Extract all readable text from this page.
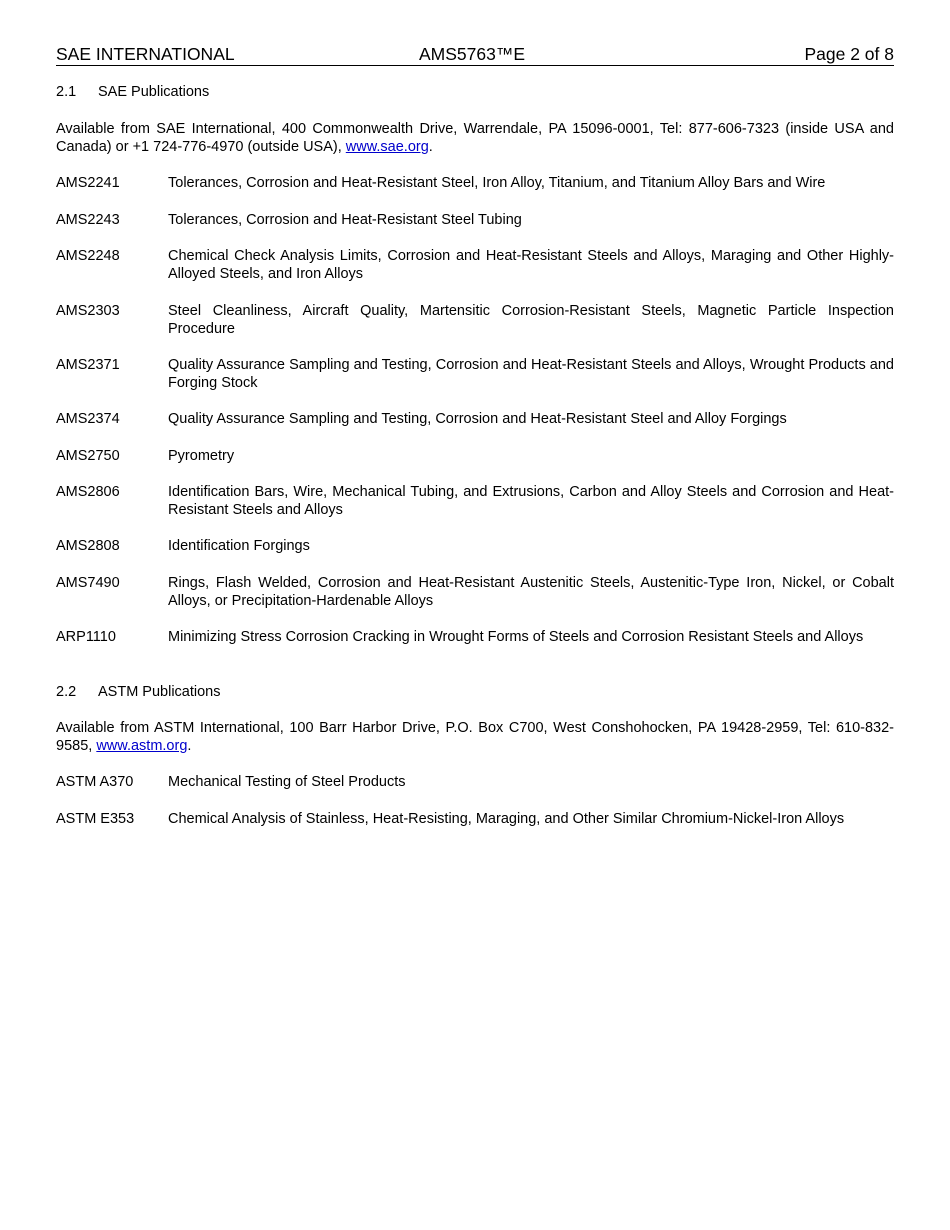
SAE INTERNATIONAL	AMS5763™E	Page 2 of 8
2.1 SAE Publications
Available from SAE International, 400 Commonwealth Drive, Warrendale, PA 15096-0001, Tel: 877-606-7323 (inside USA and Canada) or +1 724-776-4970 (outside USA), www.sae.org.
AMS2241	Tolerances, Corrosion and Heat-Resistant Steel, Iron Alloy, Titanium, and Titanium Alloy Bars and Wire
AMS2243	Tolerances, Corrosion and Heat-Resistant Steel Tubing
AMS2248	Chemical Check Analysis Limits, Corrosion and Heat-Resistant Steels and Alloys, Maraging and Other Highly-Alloyed Steels, and Iron Alloys
AMS2303	Steel Cleanliness, Aircraft Quality, Martensitic Corrosion-Resistant Steels, Magnetic Particle Inspection Procedure
AMS2371	Quality Assurance Sampling and Testing, Corrosion and Heat-Resistant Steels and Alloys, Wrought Products and Forging Stock
AMS2374	Quality Assurance Sampling and Testing, Corrosion and Heat-Resistant Steel and Alloy Forgings
AMS2750	Pyrometry
AMS2806	Identification Bars, Wire, Mechanical Tubing, and Extrusions, Carbon and Alloy Steels and Corrosion and Heat-Resistant Steels and Alloys
AMS2808	Identification Forgings
AMS7490	Rings, Flash Welded, Corrosion and Heat-Resistant Austenitic Steels, Austenitic-Type Iron, Nickel, or Cobalt Alloys, or Precipitation-Hardenable Alloys
ARP1110	Minimizing Stress Corrosion Cracking in Wrought Forms of Steels and Corrosion Resistant Steels and Alloys
2.2 ASTM Publications
Available from ASTM International, 100 Barr Harbor Drive, P.O. Box C700, West Conshohocken, PA 19428-2959, Tel: 610-832-9585, www.astm.org.
ASTM A370	Mechanical Testing of Steel Products
ASTM E353	Chemical Analysis of Stainless, Heat-Resisting, Maraging, and Other Similar Chromium-Nickel-Iron Alloys
